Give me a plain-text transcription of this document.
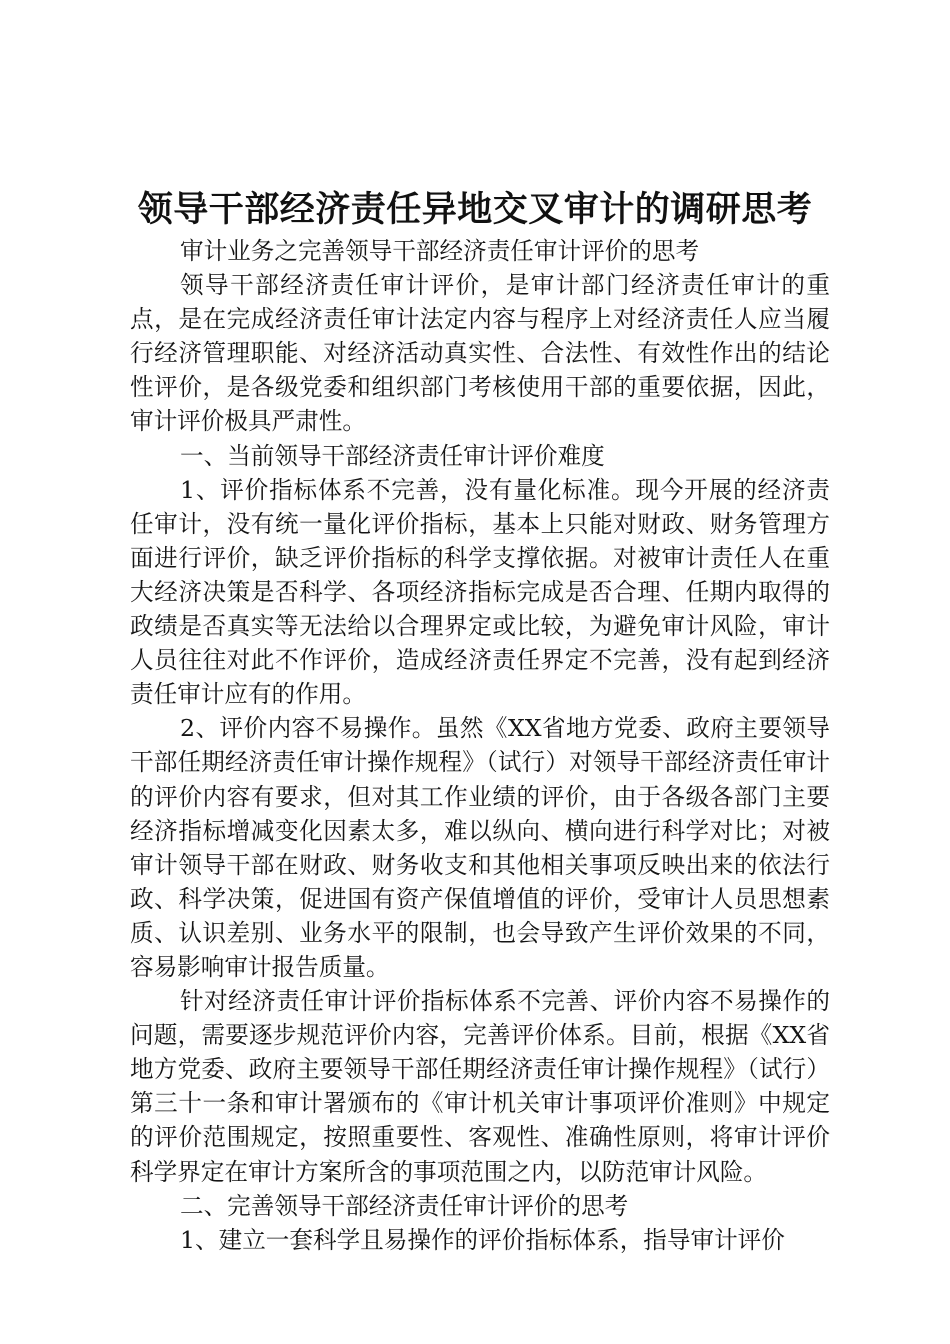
领导干部经济责任异地交叉审计的调研思考

审计业务之完善领导干部经济责任审计评价的思考

领导干部经济责任审计评价，是审计部门经济责任审计的重点，是在完成经济责任审计法定内容与程序上对经济责任人应当履行经济管理职能、对经济活动真实性、合法性、有效性作出的结论性评价，是各级党委和组织部门考核使用干部的重要依据，因此，审计评价极具严肃性。

一、当前领导干部经济责任审计评价难度

1、评价指标体系不完善，没有量化标准。现今开展的经济责任审计，没有统一量化评价指标，基本上只能对财政、财务管理方面进行评价，缺乏评价指标的科学支撑依据。对被审计责任人在重大经济决策是否科学、各项经济指标完成是否合理、任期内取得的政绩是否真实等无法给以合理界定或比较，为避免审计风险，审计人员往往对此不作评价，造成经济责任界定不完善，没有起到经济责任审计应有的作用。

2、评价内容不易操作。虽然《XX省地方党委、政府主要领导干部任期经济责任审计操作规程》（试行）对领导干部经济责任审计的评价内容有要求，但对其工作业绩的评价，由于各级各部门主要经济指标增减变化因素太多，难以纵向、横向进行科学对比；对被审计领导干部在财政、财务收支和其他相关事项反映出来的依法行政、科学决策，促进国有资产保值增值的评价，受审计人员思想素质、认识差别、业务水平的限制，也会导致产生评价效果的不同，容易影响审计报告质量。

针对经济责任审计评价指标体系不完善、评价内容不易操作的问题，需要逐步规范评价内容，完善评价体系。目前，根据《XX省地方党委、政府主要领导干部任期经济责任审计操作规程》（试行）第三十一条和审计署颁布的《审计机关审计事项评价准则》中规定的评价范围规定，按照重要性、客观性、准确性原则，将审计评价科学界定在审计方案所含的事项范围之内，以防范审计风险。

二、完善领导干部经济责任审计评价的思考

1、建立一套科学且易操作的评价指标体系，指导审计评价
